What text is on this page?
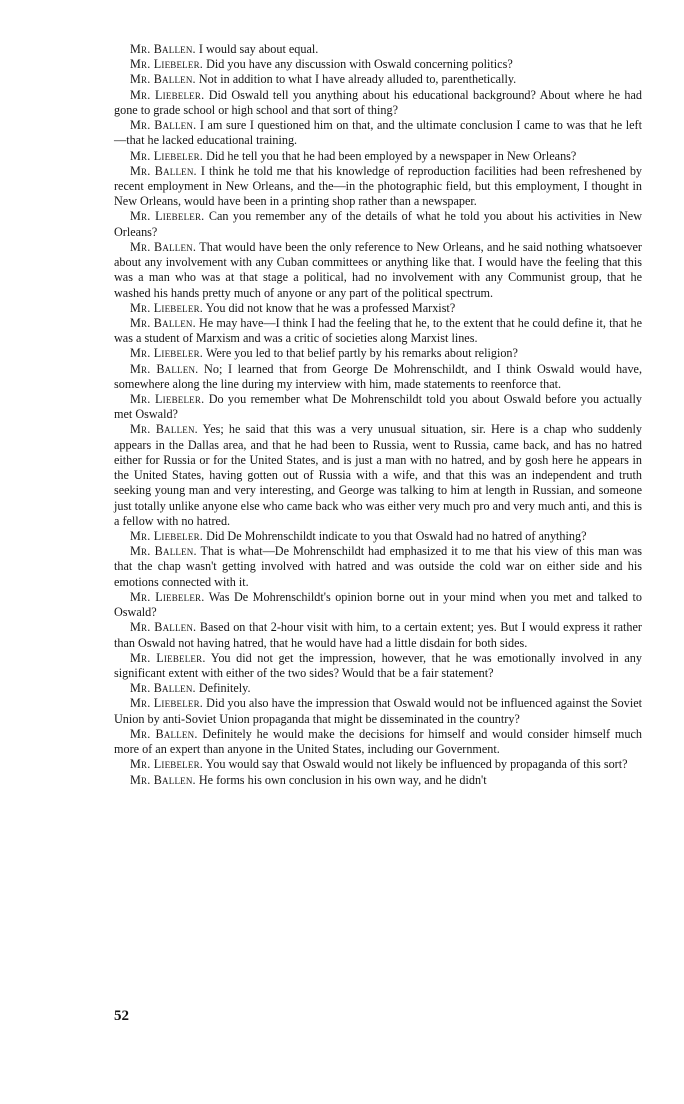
Mr. Ballen. I would say about equal.

Mr. Liebeler. Did you have any discussion with Oswald concerning politics?

Mr. Ballen. Not in addition to what I have already alluded to, parenthetically.

Mr. Liebeler. Did Oswald tell you anything about his educational background? About where he had gone to grade school or high school and that sort of thing?

Mr. Ballen. I am sure I questioned him on that, and the ultimate conclusion I came to was that he left—that he lacked educational training.

Mr. Liebeler. Did he tell you that he had been employed by a newspaper in New Orleans?

Mr. Ballen. I think he told me that his knowledge of reproduction facilities had been refreshened by recent employment in New Orleans, and the—in the photographic field, but this employment, I thought in New Orleans, would have been in a printing shop rather than a newspaper.

Mr. Liebeler. Can you remember any of the details of what he told you about his activities in New Orleans?

Mr. Ballen. That would have been the only reference to New Orleans, and he said nothing whatsoever about any involvement with any Cuban committees or anything like that. I would have the feeling that this was a man who was at that stage a political, had no involvement with any Communist group, that he washed his hands pretty much of anyone or any part of the political spectrum.

Mr. Liebeler. You did not know that he was a professed Marxist?

Mr. Ballen. He may have—I think I had the feeling that he, to the extent that he could define it, that he was a student of Marxism and was a critic of societies along Marxist lines.

Mr. Liebeler. Were you led to that belief partly by his remarks about religion?

Mr. Ballen. No; I learned that from George De Mohrenschildt, and I think Oswald would have, somewhere along the line during my interview with him, made statements to reenforce that.

Mr. Liebeler. Do you remember what De Mohrenschildt told you about Oswald before you actually met Oswald?

Mr. Ballen. Yes; he said that this was a very unusual situation, sir. Here is a chap who suddenly appears in the Dallas area, and that he had been to Russia, went to Russia, came back, and has no hatred either for Russia or for the United States, and is just a man with no hatred, and by gosh here he appears in the United States, having gotten out of Russia with a wife, and that this was an independent and truth seeking young man and very interesting, and George was talking to him at length in Russian, and someone just totally unlike anyone else who came back who was either very much pro and very much anti, and this is a fellow with no hatred.

Mr. Liebeler. Did De Mohrenschildt indicate to you that Oswald had no hatred of anything?

Mr. Ballen. That is what—De Mohrenschildt had emphasized it to me that his view of this man was that the chap wasn't getting involved with hatred and was outside the cold war on either side and his emotions connected with it.

Mr. Liebeler. Was De Mohrenschildt's opinion borne out in your mind when you met and talked to Oswald?

Mr. Ballen. Based on that 2-hour visit with him, to a certain extent; yes. But I would express it rather than Oswald not having hatred, that he would have had a little disdain for both sides.

Mr. Liebeler. You did not get the impression, however, that he was emotionally involved in any significant extent with either of the two sides? Would that be a fair statement?

Mr. Ballen. Definitely.

Mr. Liebeler. Did you also have the impression that Oswald would not be influenced against the Soviet Union by anti-Soviet Union propaganda that might be disseminated in the country?

Mr. Ballen. Definitely he would make the decisions for himself and would consider himself much more of an expert than anyone in the United States, including our Government.

Mr. Liebeler. You would say that Oswald would not likely be influenced by propaganda of this sort?

Mr. Ballen. He forms his own conclusion in his own way, and he didn't

52
